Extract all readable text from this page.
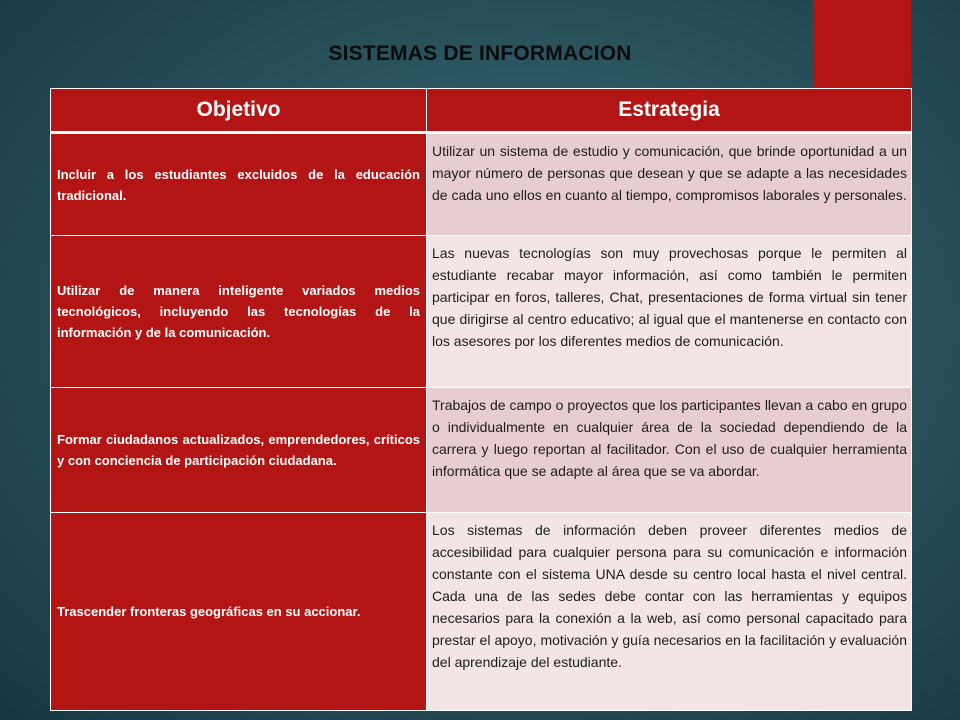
SISTEMAS DE INFORMACION
Objetivo	Estrategia
Incluir a los estudiantes excluidos de la educación tradicional.	Utilizar un sistema de estudio y comunicación, que brinde oportunidad a un mayor número de personas que desean y que se adapte a las necesidades de cada uno ellos en cuanto al tiempo, compromisos laborales y personales.
Utilizar de manera inteligente variados medios tecnológicos, incluyendo las tecnologías de la información y de la comunicación.	Las nuevas tecnologías son muy provechosas porque le permiten al estudiante recabar mayor información, así como también le permiten participar en foros, talleres, Chat, presentaciones de forma virtual sin tener que dirigirse al centro educativo; al igual que el mantenerse en contacto con los asesores por los diferentes medios de comunicación.
Formar ciudadanos actualizados, emprendedores, críticos y con conciencia de participación ciudadana.	Trabajos de campo o proyectos que los participantes llevan a cabo en grupo o individualmente en cualquier área de la sociedad dependiendo de la carrera y luego reportan al facilitador. Con el uso de cualquier herramienta informática que se adapte al área que se va abordar.
Trascender fronteras geográficas en su accionar.	Los sistemas de información deben proveer diferentes medios de accesibilidad para cualquier persona para su comunicación e información constante con el sistema UNA desde su centro local hasta el nivel central. Cada una de las sedes debe contar con las herramientas y equipos necesarios para la conexión a la web, así como personal capacitado para prestar el apoyo, motivación y guía necesarios en la facilitación y evaluación del aprendizaje del estudiante.
